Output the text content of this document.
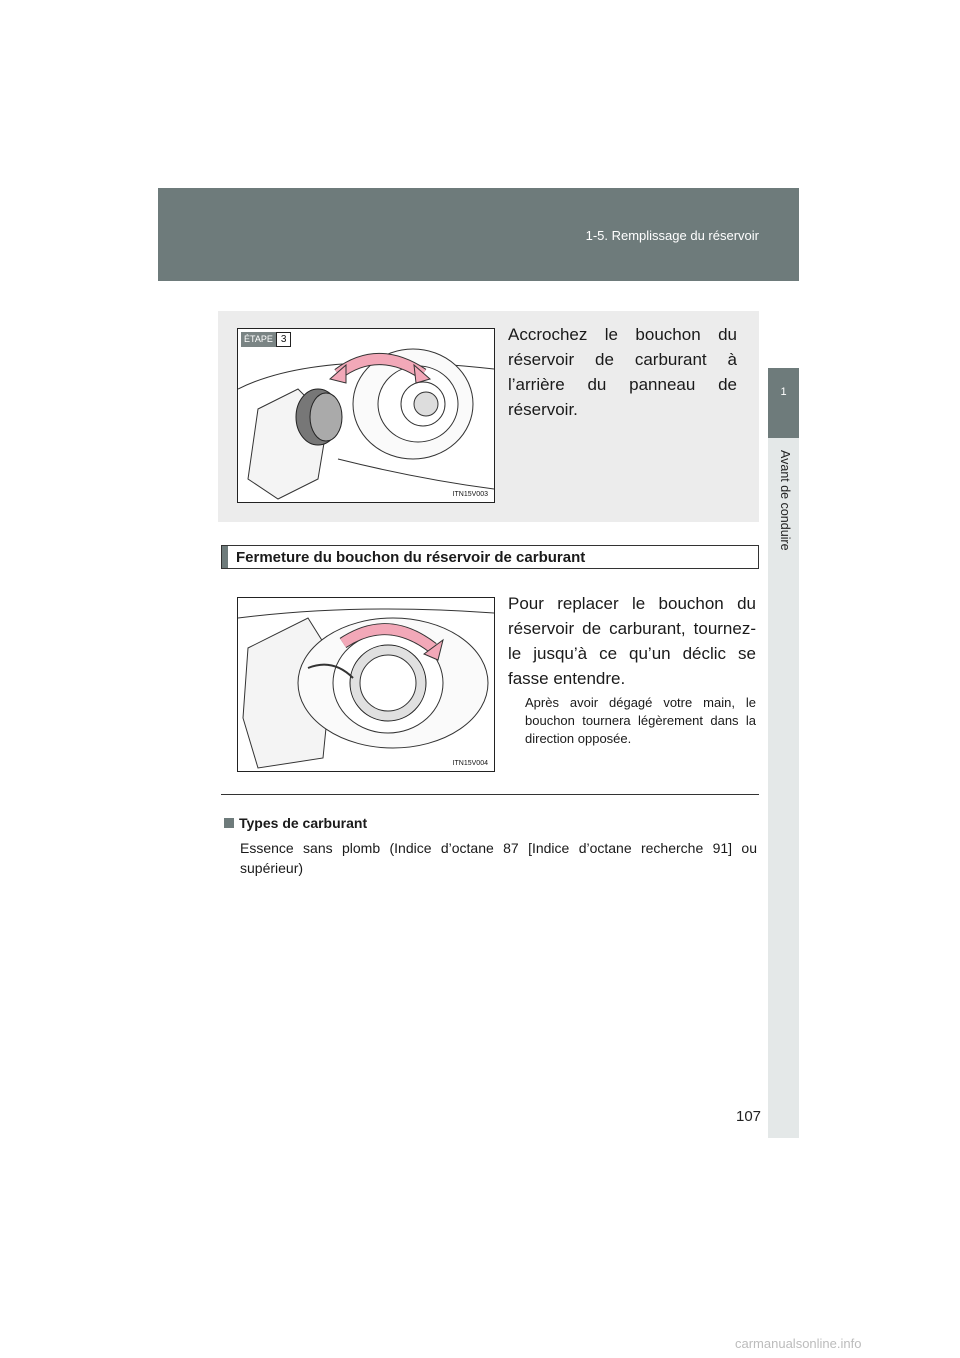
1-5. Remplissage du réservoir
1
Avant de conduire
ÉTAPE 3
ITN15V003
Accrochez le bouchon du réservoir de carburant à l’arrière du panneau de réservoir.
Fermeture du bouchon du réservoir de carburant
ITN15V004
Pour replacer le bouchon du réservoir de carburant, tournez-le jusqu’à ce qu’un déclic se fasse entendre.
Après avoir dégagé votre main, le bouchon tournera légèrement dans la direction opposée.
Types de carburant
Essence sans plomb (Indice d’octane 87 [Indice d’octane recherche 91] ou supérieur)
107
carmanualsonline.info
